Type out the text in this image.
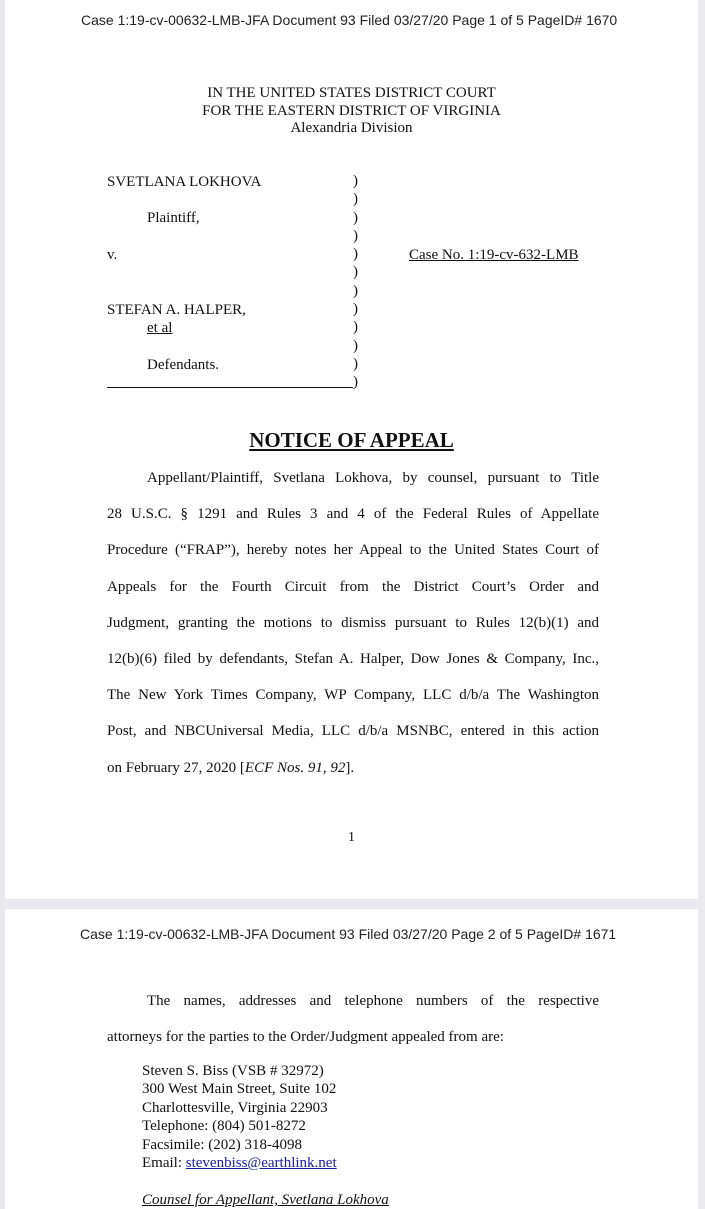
Case 1:19-cv-00632-LMB-JFA Document 93 Filed 03/27/20 Page 1 of 5 PageID# 1670
IN THE UNITED STATES DISTRICT COURT
FOR THE EASTERN DISTRICT OF VIRGINIA
Alexandria Division
SVETLANA LOKHOVA
Plaintiff,
v.
STEFAN A. HALPER,
et al
Defendants.
)
)
)
)
)
)
)
)
)
)
)
)
Case No. 1:19-cv-632-LMB
NOTICE OF APPEAL
Appellant/Plaintiff, Svetlana Lokhova, by counsel, pursuant to Title
28 U.S.C. § 1291 and Rules 3 and 4 of the Federal Rules of Appellate
Procedure (“FRAP”), hereby notes her Appeal to the United States Court of
Appeals for the Fourth Circuit from the District Court’s Order and
Judgment, granting the motions to dismiss pursuant to Rules 12(b)(1) and
12(b)(6) filed by defendants, Stefan A. Halper, Dow Jones & Company, Inc.,
The New York Times Company, WP Company, LLC d/b/a The Washington
Post, and NBCUniversal Media, LLC d/b/a MSNBC, entered in this action
on February 27, 2020 [ECF Nos. 91, 92].
1
Case 1:19-cv-00632-LMB-JFA Document 93 Filed 03/27/20 Page 2 of 5 PageID# 1671
The names, addresses and telephone numbers of the respective
attorneys for the parties to the Order/Judgment appealed from are:
Steven S. Biss (VSB # 32972)
300 West Main Street, Suite 102
Charlottesville, Virginia 22903
Telephone: (804) 501-8272
Facsimile: (202) 318-4098
Email: stevenbiss@earthlink.net
Counsel for Appellant, Svetlana Lokhova
